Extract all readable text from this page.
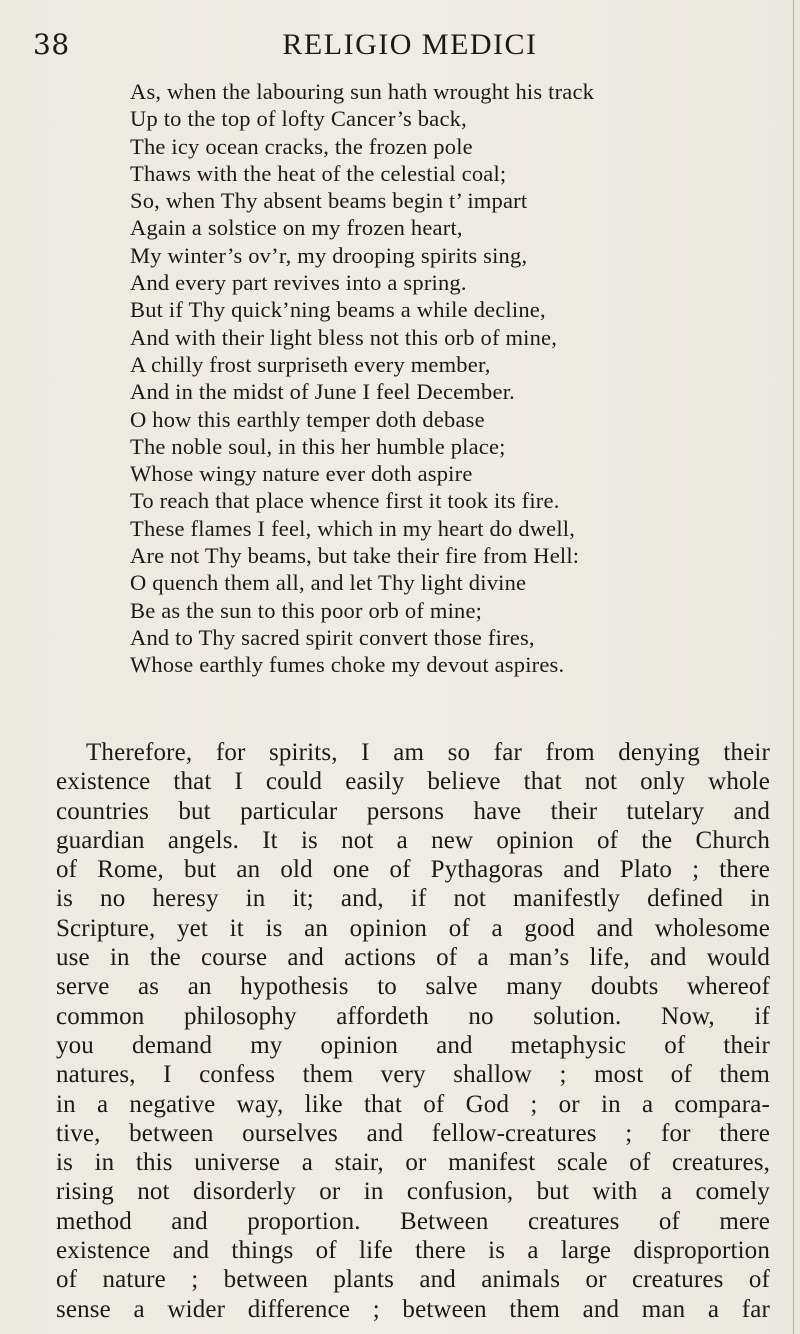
38	RELIGIO MEDICI
As, when the labouring sun hath wrought his track
Up to the top of lofty Cancer’s back,
The icy ocean cracks, the frozen pole
Thaws with the heat of the celestial coal;
So, when Thy absent beams begin t’ impart
Again a solstice on my frozen heart,
My winter’s ov’r, my drooping spirits sing,
And every part revives into a spring.
But if Thy quick’ning beams a while decline,
And with their light bless not this orb of mine,
A chilly frost surpriseth every member,
And in the midst of June I feel December.
O how this earthly temper doth debase
The noble soul, in this her humble place;
Whose wingy nature ever doth aspire
To reach that place whence first it took its fire.
These flames I feel, which in my heart do dwell,
Are not Thy beams, but take their fire from Hell:
O quench them all, and let Thy light divine
Be as the sun to this poor orb of mine;
And to Thy sacred spirit convert those fires,
Whose earthly fumes choke my devout aspires.
Therefore, for spirits, I am so far from denying their
existence that I could easily believe that not only whole
countries but particular persons have their tutelary and
guardian angels. It is not a new opinion of the Church
of Rome, but an old one of Pythagoras and Plato ; there
is no heresy in it; and, if not manifestly defined in
Scripture, yet it is an opinion of a good and wholesome
use in the course and actions of a man’s life, and would
serve as an hypothesis to salve many doubts whereof
common philosophy affordeth no solution. Now, if
you demand my opinion and metaphysic of their
natures, I confess them very shallow ; most of them
in a negative way, like that of God ; or in a compara-
tive, between ourselves and fellow-creatures ; for there
is in this universe a stair, or manifest scale of creatures,
rising not disorderly or in confusion, but with a comely
method and proportion. Between creatures of mere
existence and things of life there is a large disproportion
of nature ; between plants and animals or creatures of
sense a wider difference ; between them and man a far
